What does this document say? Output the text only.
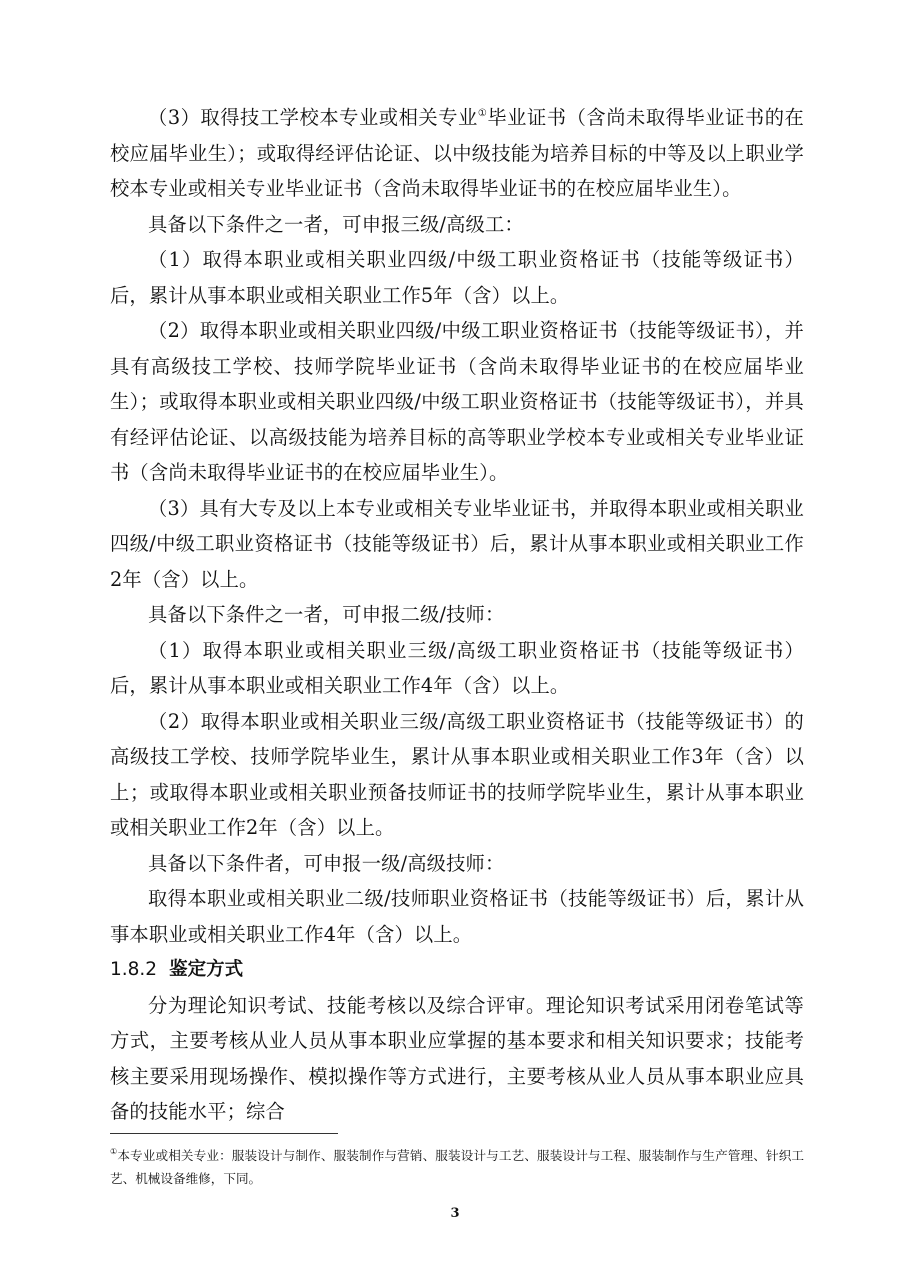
（3）取得技工学校本专业或相关专业①毕业证书（含尚未取得毕业证书的在校应届毕业生）；或取得经评估论证、以中级技能为培养目标的中等及以上职业学校本专业或相关专业毕业证书（含尚未取得毕业证书的在校应届毕业生）。

具备以下条件之一者，可申报三级/高级工：

（1）取得本职业或相关职业四级/中级工职业资格证书（技能等级证书）后，累计从事本职业或相关职业工作5年（含）以上。

（2）取得本职业或相关职业四级/中级工职业资格证书（技能等级证书），并具有高级技工学校、技师学院毕业证书（含尚未取得毕业证书的在校应届毕业生）；或取得本职业或相关职业四级/中级工职业资格证书（技能等级证书），并具有经评估论证、以高级技能为培养目标的高等职业学校本专业或相关专业毕业证书（含尚未取得毕业证书的在校应届毕业生）。

（3）具有大专及以上本专业或相关专业毕业证书，并取得本职业或相关职业四级/中级工职业资格证书（技能等级证书）后，累计从事本职业或相关职业工作2年（含）以上。

具备以下条件之一者，可申报二级/技师：

（1）取得本职业或相关职业三级/高级工职业资格证书（技能等级证书）后，累计从事本职业或相关职业工作4年（含）以上。

（2）取得本职业或相关职业三级/高级工职业资格证书（技能等级证书）的高级技工学校、技师学院毕业生，累计从事本职业或相关职业工作3年（含）以上；或取得本职业或相关职业预备技师证书的技师学院毕业生，累计从事本职业或相关职业工作2年（含）以上。

具备以下条件者，可申报一级/高级技师：

取得本职业或相关职业二级/技师职业资格证书（技能等级证书）后，累计从事本职业或相关职业工作4年（含）以上。

1.8.2 鉴定方式

分为理论知识考试、技能考核以及综合评审。理论知识考试采用闭卷笔试等方式，主要考核从业人员从事本职业应掌握的基本要求和相关知识要求；技能考核主要采用现场操作、模拟操作等方式进行，主要考核从业人员从事本职业应具备的技能水平；综合

①本专业或相关专业：服装设计与制作、服装制作与营销、服装设计与工艺、服装设计与工程、服装制作与生产管理、针织工艺、机械设备维修，下同。

3
